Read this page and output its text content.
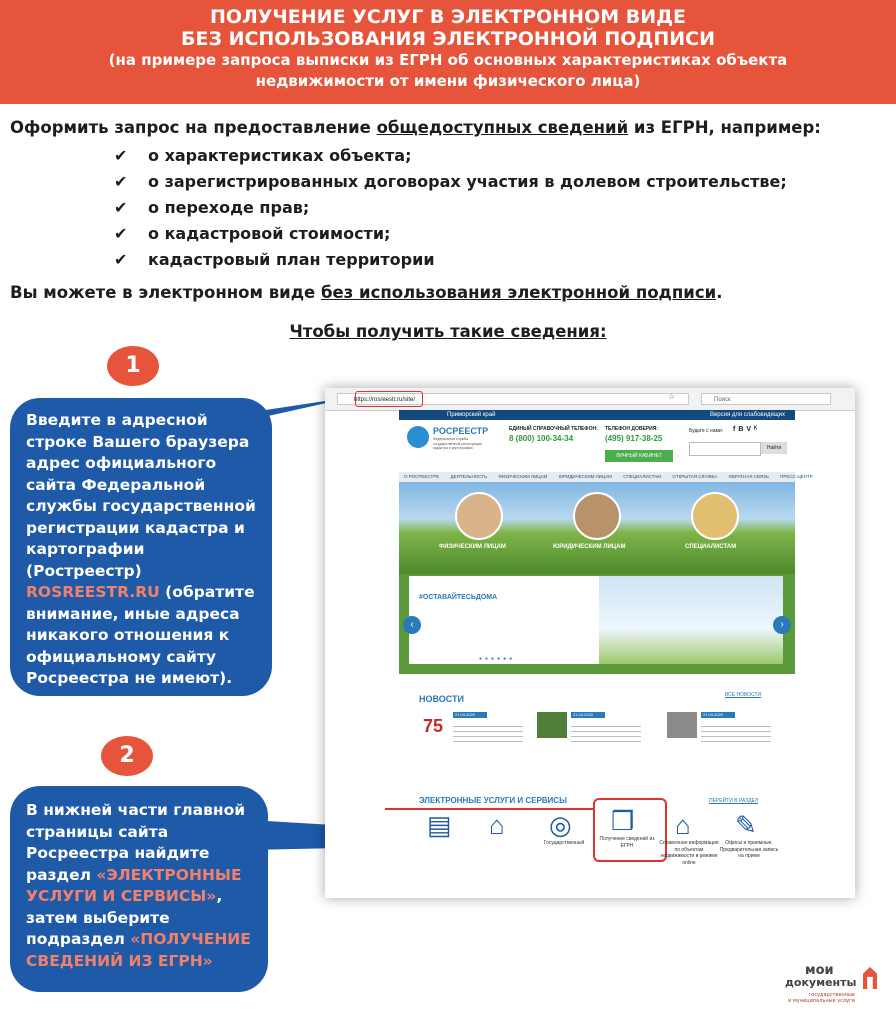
ПОЛУЧЕНИЕ УСЛУГ В ЭЛЕКТРОННОМ ВИДЕ
БЕЗ ИСПОЛЬЗОВАНИЯ ЭЛЕКТРОННОЙ ПОДПИСИ
(на примере запроса выписки из ЕГРН об основных характеристиках объекта
недвижимости от имени физического лица)
Оформить запрос на предоставление общедоступных сведений из ЕГРН, например:
✔ о характеристиках объекта;
✔ о зарегистрированных договорах участия в долевом строительстве;
✔ о переходе прав;
✔ о кадастровой стоимости;
✔ кадастровый план территории
Вы можете в электронном виде без использования электронной подписи.
Чтобы получить такие сведения:
1
Введите в адресной строке Вашего браузера адрес официального сайта Федеральной службы государственной регистрации кадастра и картографии (Ростреестр) ROSREESTR.RU (обратите внимание, иные адреса никакого отношения к официальному сайту Росреестра не имеют).
2
В нижней части главной страницы сайта Росреестра найдите раздел «ЭЛЕКТРОННЫЕ УСЛУГИ И СЕРВИСЫ», затем выберите подраздел «ПОЛУЧЕНИЕ СВЕДЕНИЙ ИЗ ЕГРН»
https://rosreestr.ru/site/	☆	Поиск
Приморский край	Версия для слабовидящих
РОСРЕЕСТР
Федеральная служба государственной регистрации, кадастра и картографии
ЕДИНЫЙ СПРАВОЧНЫЙ ТЕЛЕФОН:
8 (800) 100-34-34
ТЕЛЕФОН ДОВЕРИЯ:
(495) 917-38-25
ЛИЧНЫЙ КАБИНЕТ
Будьте с нами: fBVᴷ
Найти
О РОСРЕЕСТРЕ	ДЕЯТЕЛЬНОСТЬ	ФИЗИЧЕСКИМ ЛИЦАМ	ЮРИДИЧЕСКИМ ЛИЦАМ	СПЕЦИАЛИСТАМ	ОТКРЫТАЯ СЛУЖБА	ОБРАТНАЯ СВЯЗЬ	ПРЕСС-ЦЕНТР
ФИЗИЧЕСКИМ ЛИЦАМ	ЮРИДИЧЕСКИМ ЛИЦАМ	СПЕЦИАЛИСТАМ
#ОСТАВАЙТЕСЬДОМА
●●●●●●
‹	›
НОВОСТИ	ВСЕ НОВОСТИ
75
21.04.2020	21.04.2020	21.04.2020
ЭЛЕКТРОННЫЕ УСЛУГИ И СЕРВИСЫ	ПЕРЕЙТИ В РАЗДЕЛ
▤ ⌂ ◎
Государственный
❒
Получение сведений из ЕГРН
⌂
Справочная информация по объектам недвижимости в режиме online
✎
Офисы и приемные. Предварительная запись на прием
мои
документы
государственные
и муниципальные услуги
